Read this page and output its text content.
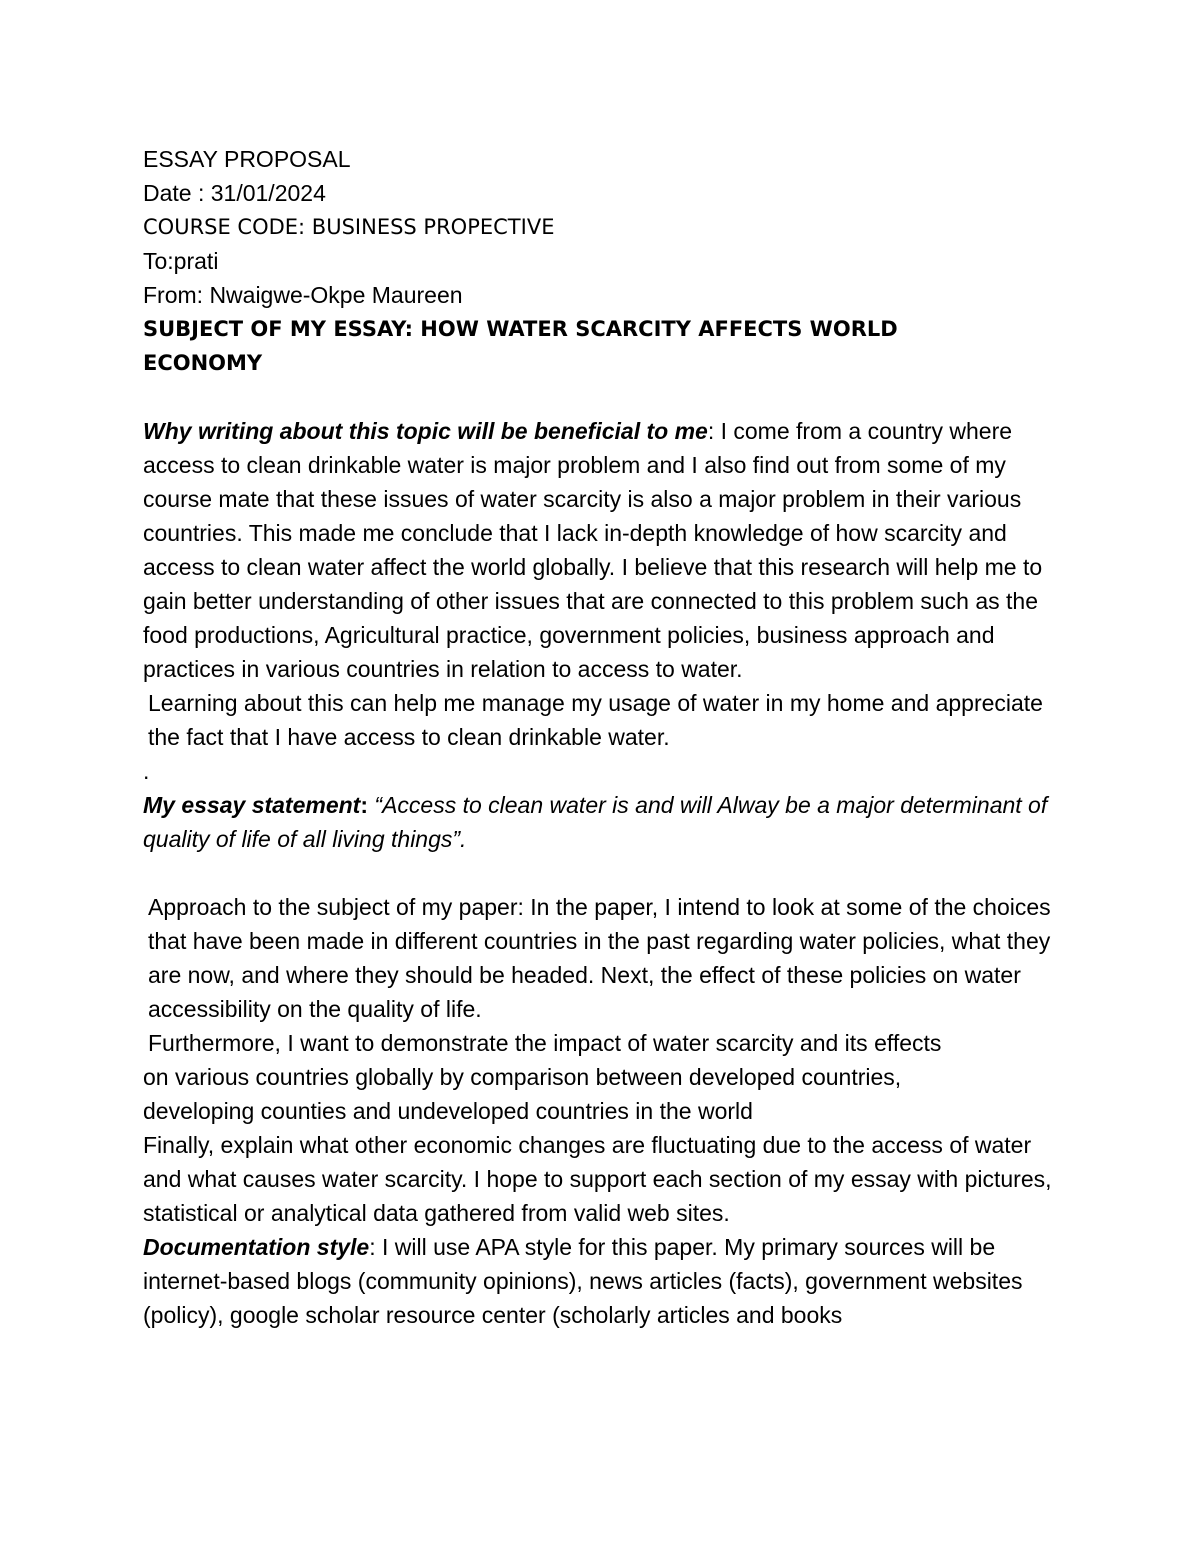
ESSAY PROPOSAL

Date : 31/01/2024

COURSE CODE: BUSINESS PROPECTIVE

To:prati

From: Nwaigwe-Okpe Maureen

SUBJECT OF MY ESSAY: HOW WATER SCARCITY AFFECTS WORLD ECONOMY

Why writing about this topic will be beneficial to me: I come from a country where access to clean drinkable water is major problem and I also find out from some of my course mate that these issues of water scarcity is also a major problem in their various countries. This made me conclude that I lack in-depth knowledge of how scarcity and access to clean water affect the world globally. I believe that this research will help me to gain better understanding of other issues that are connected to this problem such as the food productions, Agricultural practice, government policies, business approach and practices in various countries in relation to access to water.

Learning about this can help me manage my usage of water in my home and appreciate the fact that I have access to clean drinkable water.

.

My essay statement: “Access to clean water is and will Alway be a major determinant of quality of life of all living things”.

Approach to the subject of my paper: In the paper, I intend to look at some of the choices that have been made in different countries in the past regarding water policies, what they are now, and where they should be headed. Next, the effect of these policies on water accessibility on the quality of life.

Furthermore, I want to demonstrate the impact of water scarcity and its effects on various countries globally by comparison between developed countries, developing counties and undeveloped countries in the world

Finally, explain what other economic changes are fluctuating due to the access of water and what causes water scarcity. I hope to support each section of my essay with pictures, statistical or analytical data gathered from valid web sites.

Documentation style: I will use APA style for this paper. My primary sources will be internet-based blogs (community opinions), news articles (facts), government websites (policy), google scholar resource center (scholarly articles and books
